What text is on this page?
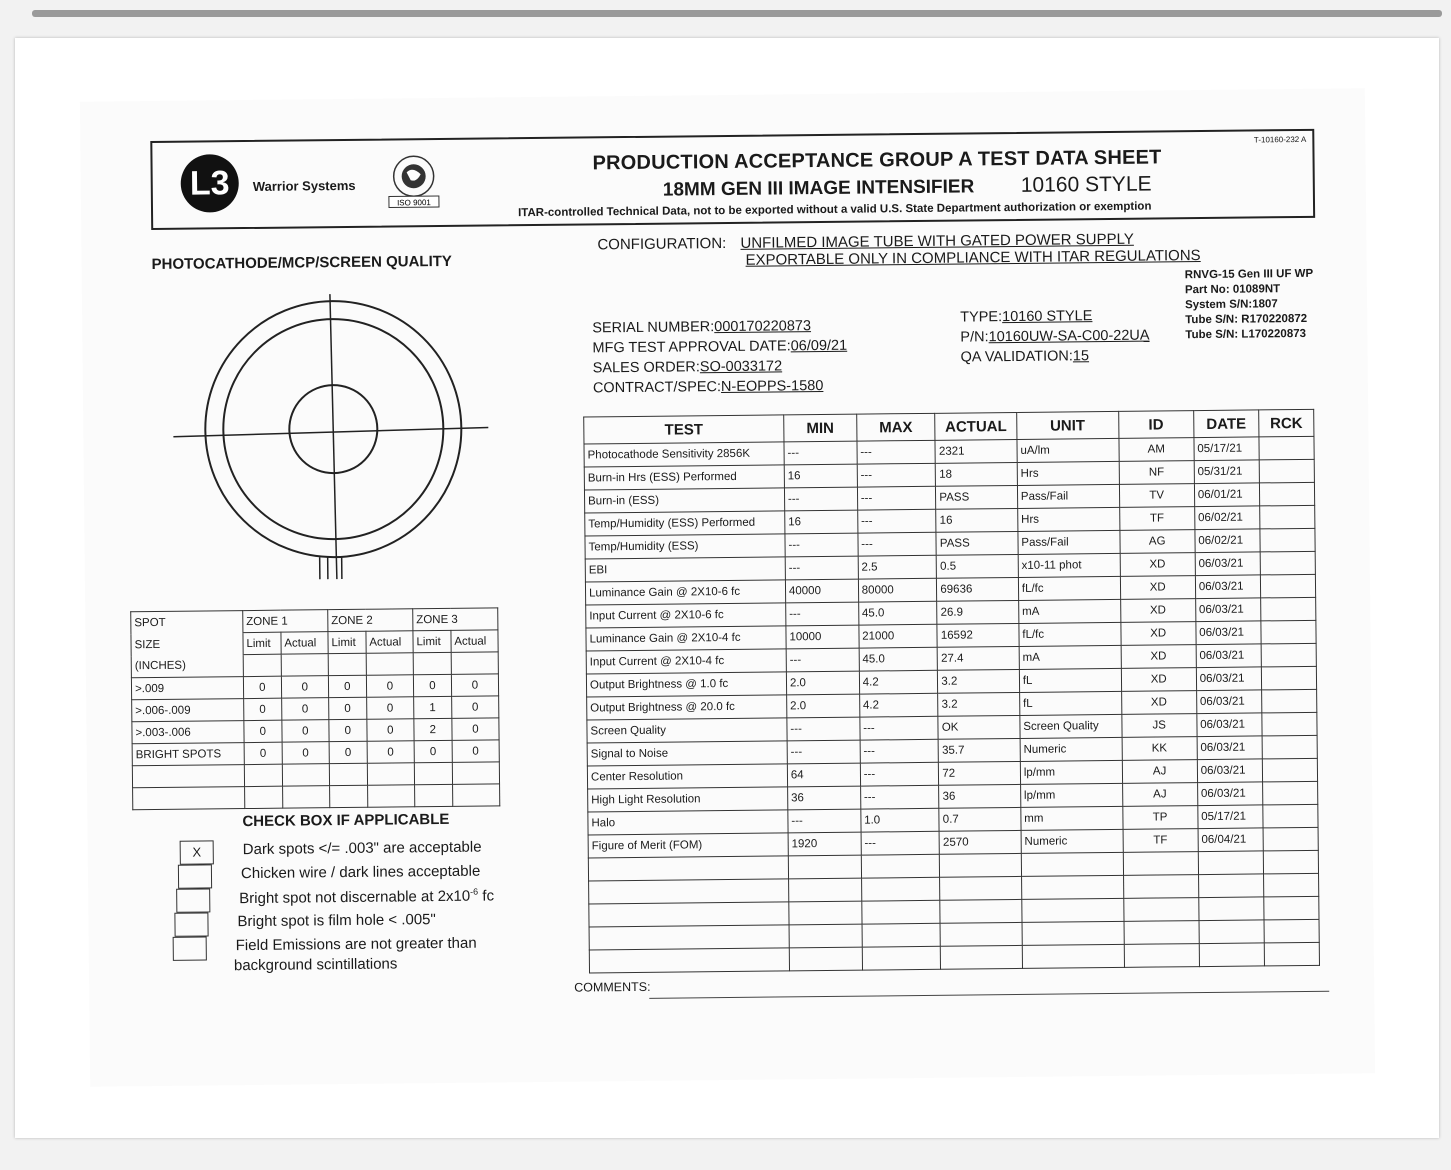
L3 Warrior Systems
ISO 9001
PRODUCTION ACCEPTANCE GROUP A TEST DATA SHEET
18MM GEN III IMAGE INTENSIFIER 10160 STYLE
ITAR-controlled Technical Data, not to be exported without a valid U.S. State Department authorization or exemption
T-10160-232 A
PHOTOCATHODE/MCP/SCREEN QUALITY
CONFIGURATION: UNFILMED IMAGE TUBE WITH GATED POWER SUPPLY
EXPORTABLE ONLY IN COMPLIANCE WITH ITAR REGULATIONS
RNVG-15 Gen III UF WP
Part No: 01089NT
System S/N:1807
Tube S/N: R170220872
Tube S/N: L170220873
SERIAL NUMBER:000170220873
MFG TEST APPROVAL DATE:06/09/21
SALES ORDER:SO-0033172
CONTRACT/SPEC:N-EOPPS-1580
TYPE:10160 STYLE
P/N:10160UW-SA-C00-22UA
QA VALIDATION:15
SPOT	ZONE 1		ZONE 2		ZONE 3	
SIZE	Limit	Actual	Limit	Actual	Limit	Actual
(INCHES)						
>.009	0	0	0	0	0	0
>.006-.009	0	0	0	0	1	0
>.003-.006	0	0	0	0	2	0
BRIGHT SPOTS	0	0	0	0	0	0

CHECK BOX IF APPLICABLE
X	Dark spots </= .003" are acceptable
Chicken wire / dark lines acceptable
Bright spot not discernable at $2x10^{-6}$ fc
Bright spot is film hole < .005"
Field Emissions are not greater than
background scintillations
TEST	MIN	MAX	ACTUAL	UNIT	ID	DATE	RCK
Photocathode Sensitivity 2856K	---	---	2321	uA/lm	AM	05/17/21	
Burn-in Hrs (ESS) Performed	16	---	18	Hrs	NF	05/31/21	
Burn-in (ESS)	---	---	PASS	Pass/Fail	TV	06/01/21	
Temp/Humidity (ESS) Performed	16	---	16	Hrs	TF	06/02/21	
Temp/Humidity (ESS)	---	---	PASS	Pass/Fail	AG	06/02/21	
EBI	---	2.5	0.5	x10-11 phot	XD	06/03/21	
Luminance Gain @ 2X10-6 fc	40000	80000	69636	fL/fc	XD	06/03/21	
Input Current @ 2X10-6 fc	---	45.0	26.9	mA	XD	06/03/21	
Luminance Gain @ 2X10-4 fc	10000	21000	16592	fL/fc	XD	06/03/21	
Input Current @ 2X10-4 fc	---	45.0	27.4	mA	XD	06/03/21	
Output Brightness @ 1.0 fc	2.0	4.2	3.2	fL	XD	06/03/21	
Output Brightness @ 20.0 fc	2.0	4.2	3.2	fL	XD	06/03/21	
Screen Quality	---	---	OK	Screen Quality	JS	06/03/21	
Signal to Noise	---	---	35.7	Numeric	KK	06/03/21	
Center Resolution	64	---	72	lp/mm	AJ	06/03/21	
High Light Resolution	36	---	36	lp/mm	AJ	06/03/21	
Halo	---	1.0	0.7	mm	TP	05/17/21	
Figure of Merit (FOM)	1920	---	2570	Numeric	TF	06/04/21	

COMMENTS:
